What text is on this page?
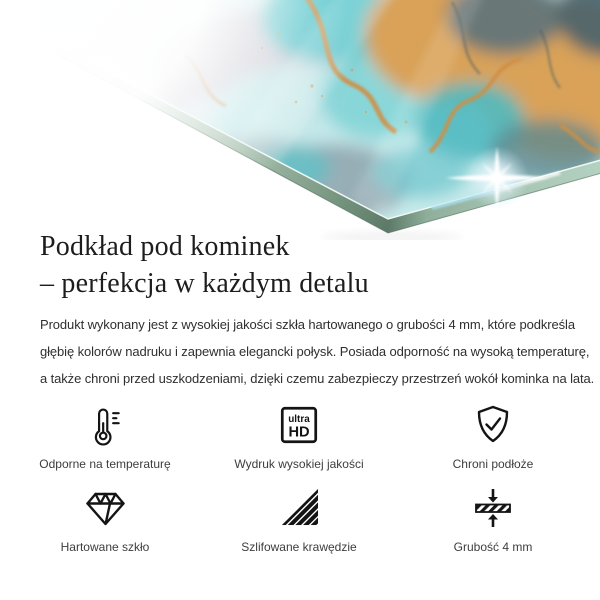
Podkład pod kominek
– perfekcja w każdym detalu

Produkt wykonany jest z wysokiej jakości szkła hartowanego o grubości 4 mm, które podkreśla
głębię kolorów nadruku i zapewnia elegancki połysk. Posiada odporność na wysoką temperaturę,
a także chroni przed uszkodzeniami, dzięki czemu zabezpieczy przestrzeń wokół kominka na lata.

Odporne na temperaturę
ultra
HD
Wydruk wysokiej jakości	Chroni podłoże
Hartowane szkło	Szlifowane krawędzie	Grubość 4 mm
